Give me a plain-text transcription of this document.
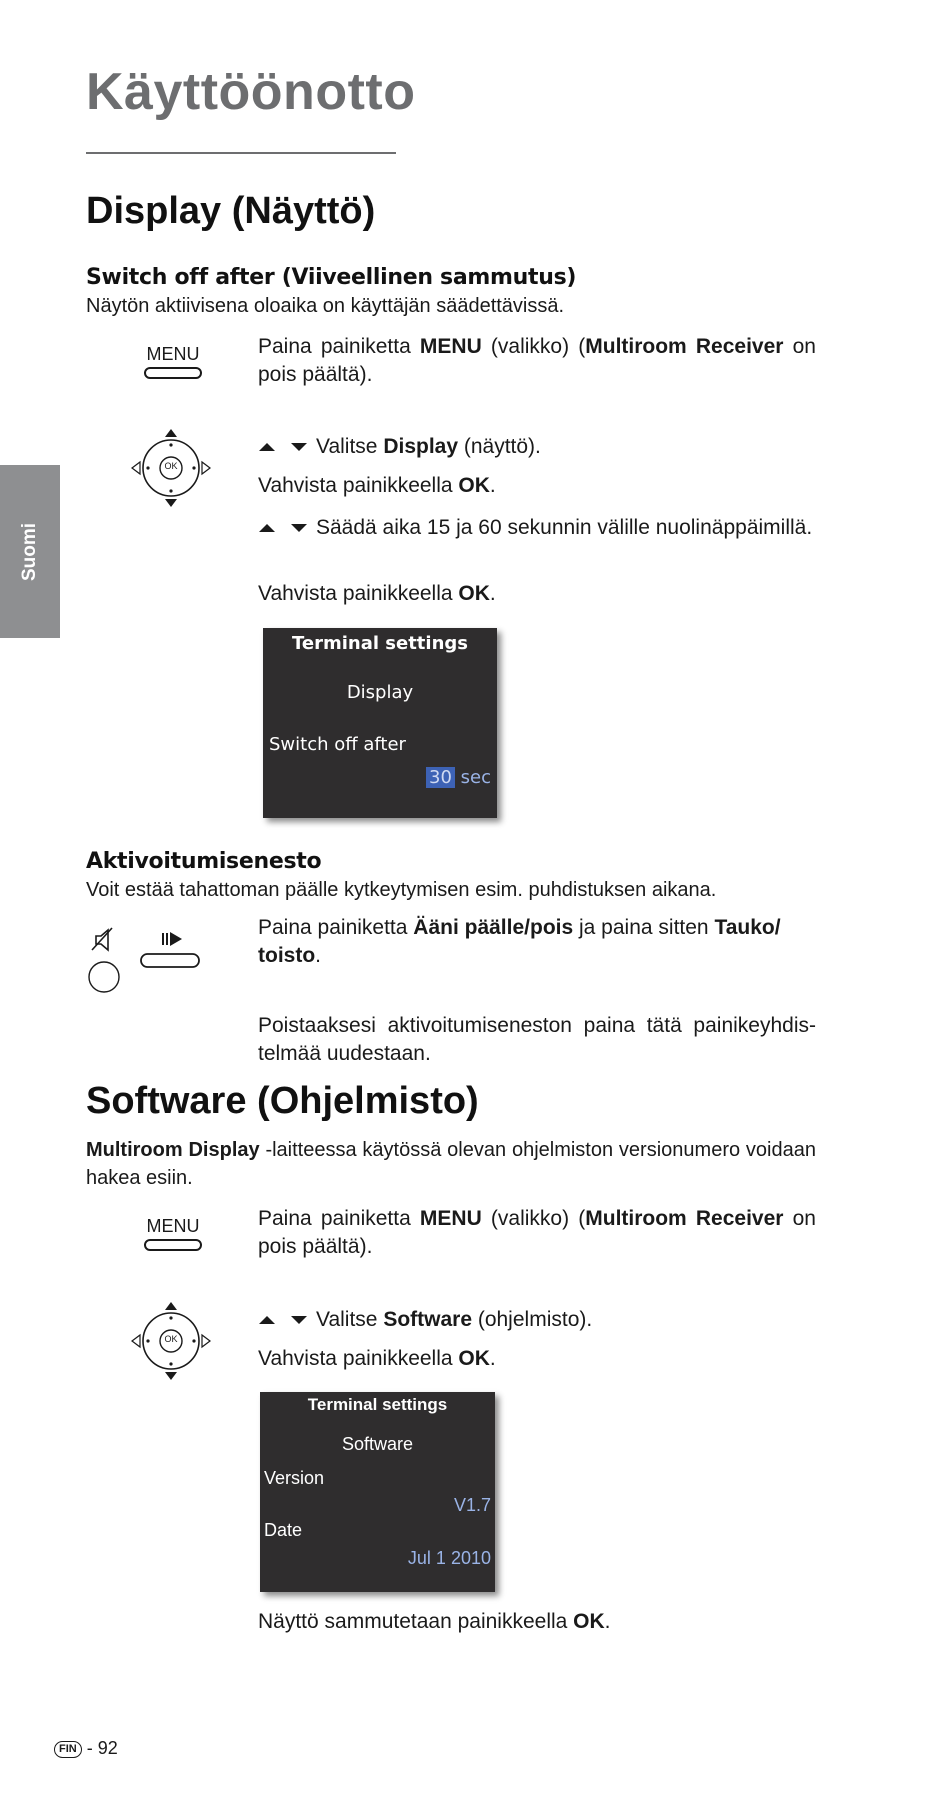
Käyttöönotto
Suomi
Display (Näyttö)
Switch off after (Viiveellinen sammutus)
Näytön aktiivisena oloaika on käyttäjän säädettävissä.
MENU	Paina painiketta MENU (valikko) (Multiroom Receiver on pois päältä).
OK
Valitse Display (näyttö).
Vahvista painikkeella OK.
Säädä aika 15 ja 60 sekunnin välille nuolinäppäimillä.
Vahvista painikkeella OK.
Terminal settings
Display
Switch off after
30 sec
Aktivoitumisenesto
Voit estää tahattoman päälle kytkeytymisen esim. puhdistuksen aikana.
Paina painiketta Ääni päälle/pois ja paina sitten Tauko/ toisto.
Poistaaksesi aktivoitumiseneston paina tätä painikeyhdistelmää uudestaan.
Software (Ohjelmisto)
Multiroom Display -laitteessa käytössä olevan ohjelmiston versionumero voidaan hakea esiin.
MENU	Paina painiketta MENU (valikko) (Multiroom Receiver on pois päältä).
OK
Valitse Software (ohjelmisto).
Vahvista painikkeella OK.
Terminal settings
Software
Version
V1.7
Date
Jul 1 2010
Näyttö sammutetaan painikkeella OK.
FIN - 92
